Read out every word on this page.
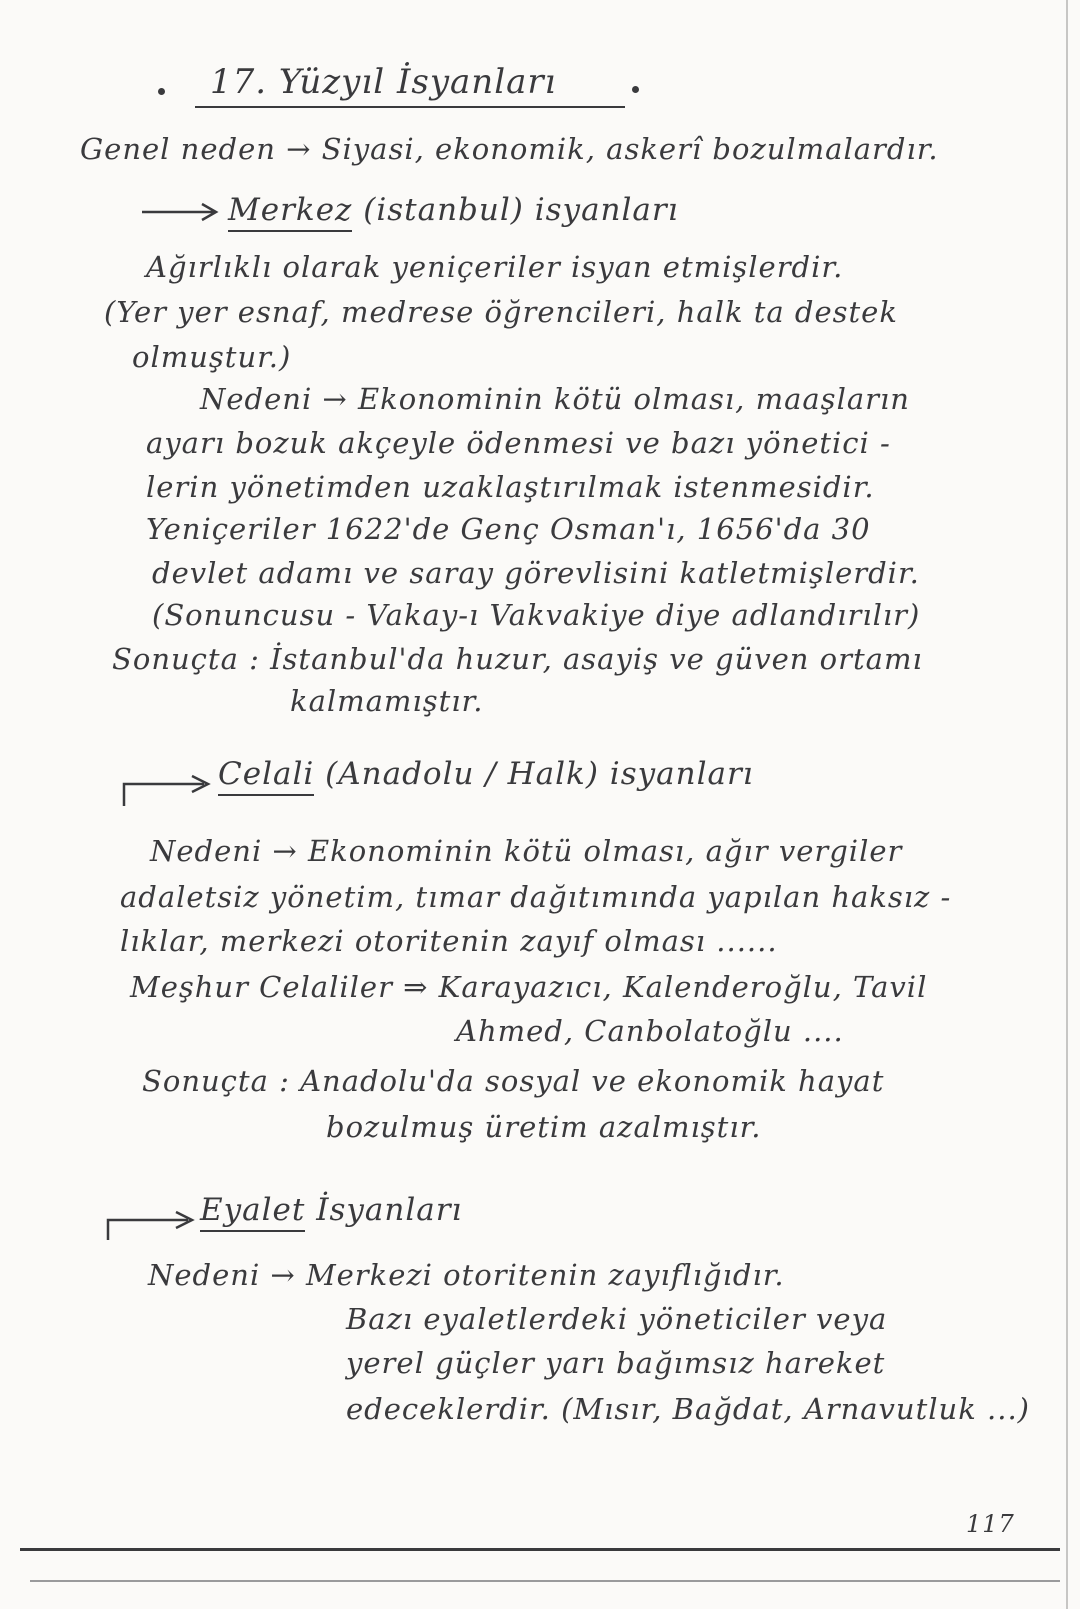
17. Yüzyıl İsyanları
Genel neden → Siyasi, ekonomik, askerî bozulmalardır.
Merkez (istanbul) isyanları
Ağırlıklı olarak yeniçeriler isyan etmişlerdir.
(Yer yer esnaf, medrese öğrencileri, halk ta destek
olmuştur.)
Nedeni → Ekonominin kötü olması, maaşların
ayarı bozuk akçeyle ödenmesi ve bazı yönetici -
lerin yönetimden uzaklaştırılmak istenmesidir.
Yeniçeriler 1622'de Genç Osman'ı, 1656'da 30
devlet adamı ve saray görevlisini katletmişlerdir.
(Sonuncusu - Vakay-ı Vakvakiye diye adlandırılır)
Sonuçta : İstanbul'da huzur, asayiş ve güven ortamı
kalmamıştır.
Celali (Anadolu / Halk) isyanları
Nedeni → Ekonominin kötü olması, ağır vergiler
adaletsiz yönetim, tımar dağıtımında yapılan haksız -
lıklar, merkezi otoritenin zayıf olması ......
Meşhur Celaliler ⇒ Karayazıcı, Kalenderoğlu, Tavil
Ahmed, Canbolatoğlu ....
Sonuçta : Anadolu'da sosyal ve ekonomik hayat
bozulmuş üretim azalmıştır.
Eyalet İsyanları
Nedeni → Merkezi otoritenin zayıflığıdır.
Bazı eyaletlerdeki yöneticiler veya
yerel güçler yarı bağımsız hareket
edeceklerdir. (Mısır, Bağdat, Arnavutluk ...)
117
